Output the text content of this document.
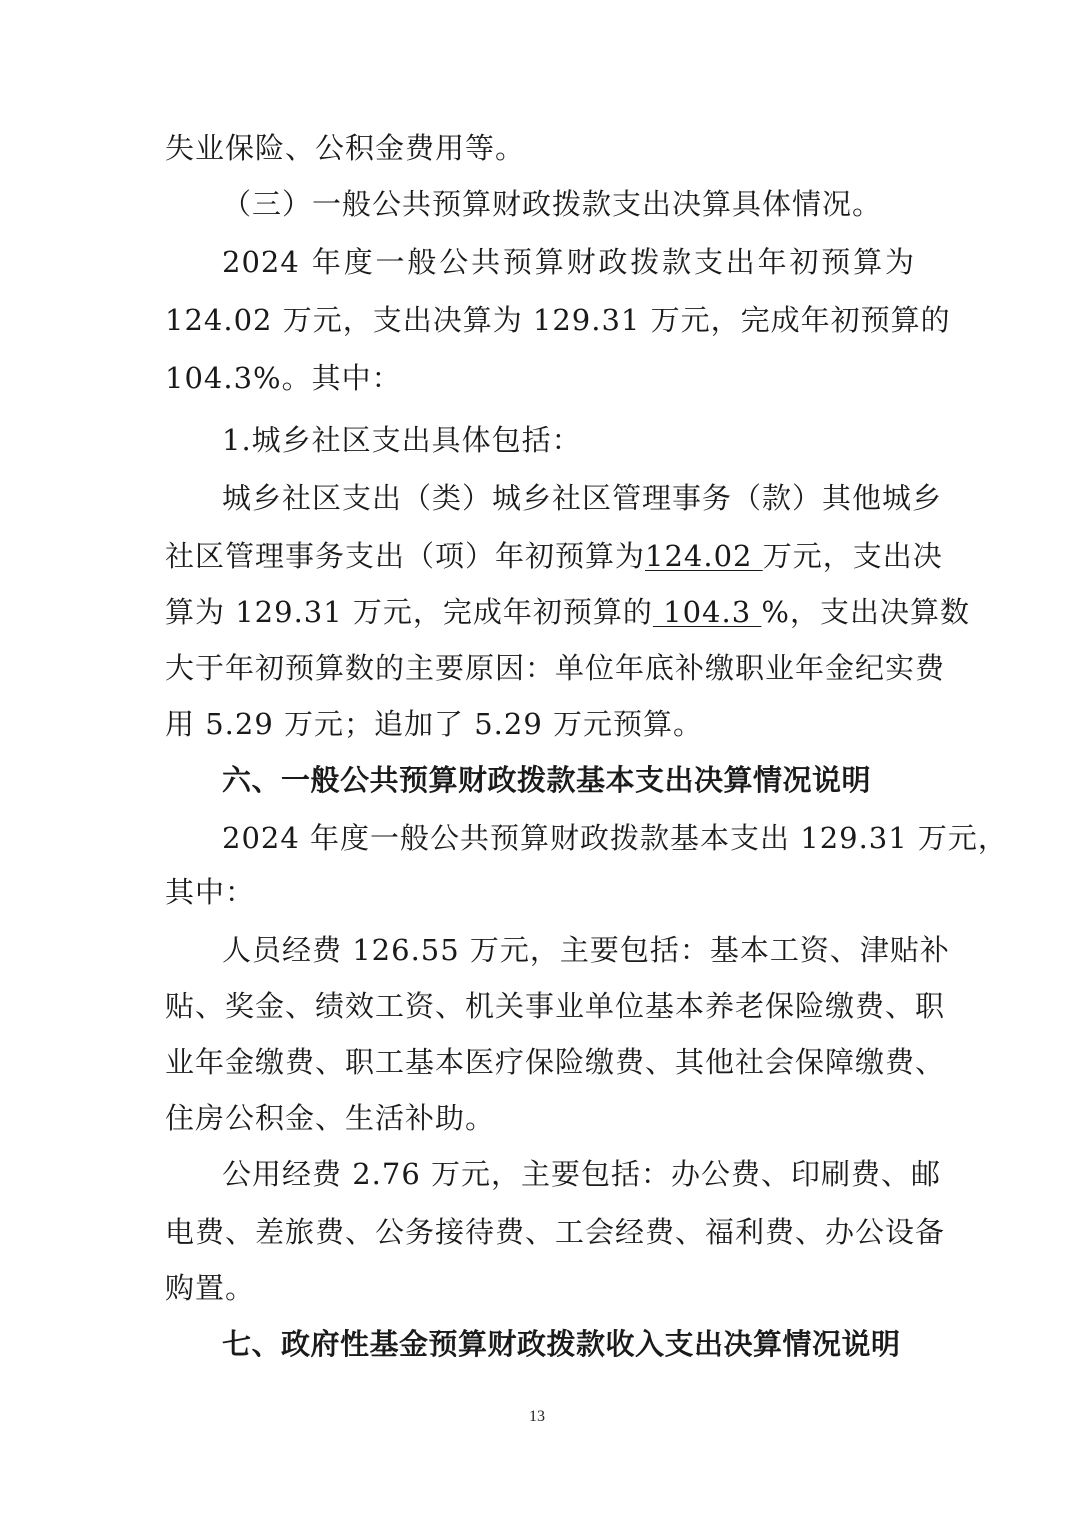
失业保险、公积金费用等。
（三）一般公共预算财政拨款支出决算具体情况。
2024 年度一般公共预算财政拨款支出年初预算为
124.02 万元，支出决算为 129.31 万元，完成年初预算的
104.3%。其中：
1.城乡社区支出具体包括：
城乡社区支出（类）城乡社区管理事务（款）其他城乡
社区管理事务支出（项）年初预算为124.02 万元，支出决
算为 129.31 万元，完成年初预算的 104.3 %，支出决算数
大于年初预算数的主要原因：单位年底补缴职业年金纪实费
用 5.29 万元；追加了 5.29 万元预算。
六、一般公共预算财政拨款基本支出决算情况说明
2024 年度一般公共预算财政拨款基本支出 129.31 万元，
其中：
人员经费 126.55 万元，主要包括：基本工资、津贴补
贴、奖金、绩效工资、机关事业单位基本养老保险缴费、职
业年金缴费、职工基本医疗保险缴费、其他社会保障缴费、
住房公积金、生活补助。
公用经费 2.76 万元，主要包括：办公费、印刷费、邮
电费、差旅费、公务接待费、工会经费、福利费、办公设备
购置。
七、政府性基金预算财政拨款收入支出决算情况说明
13
